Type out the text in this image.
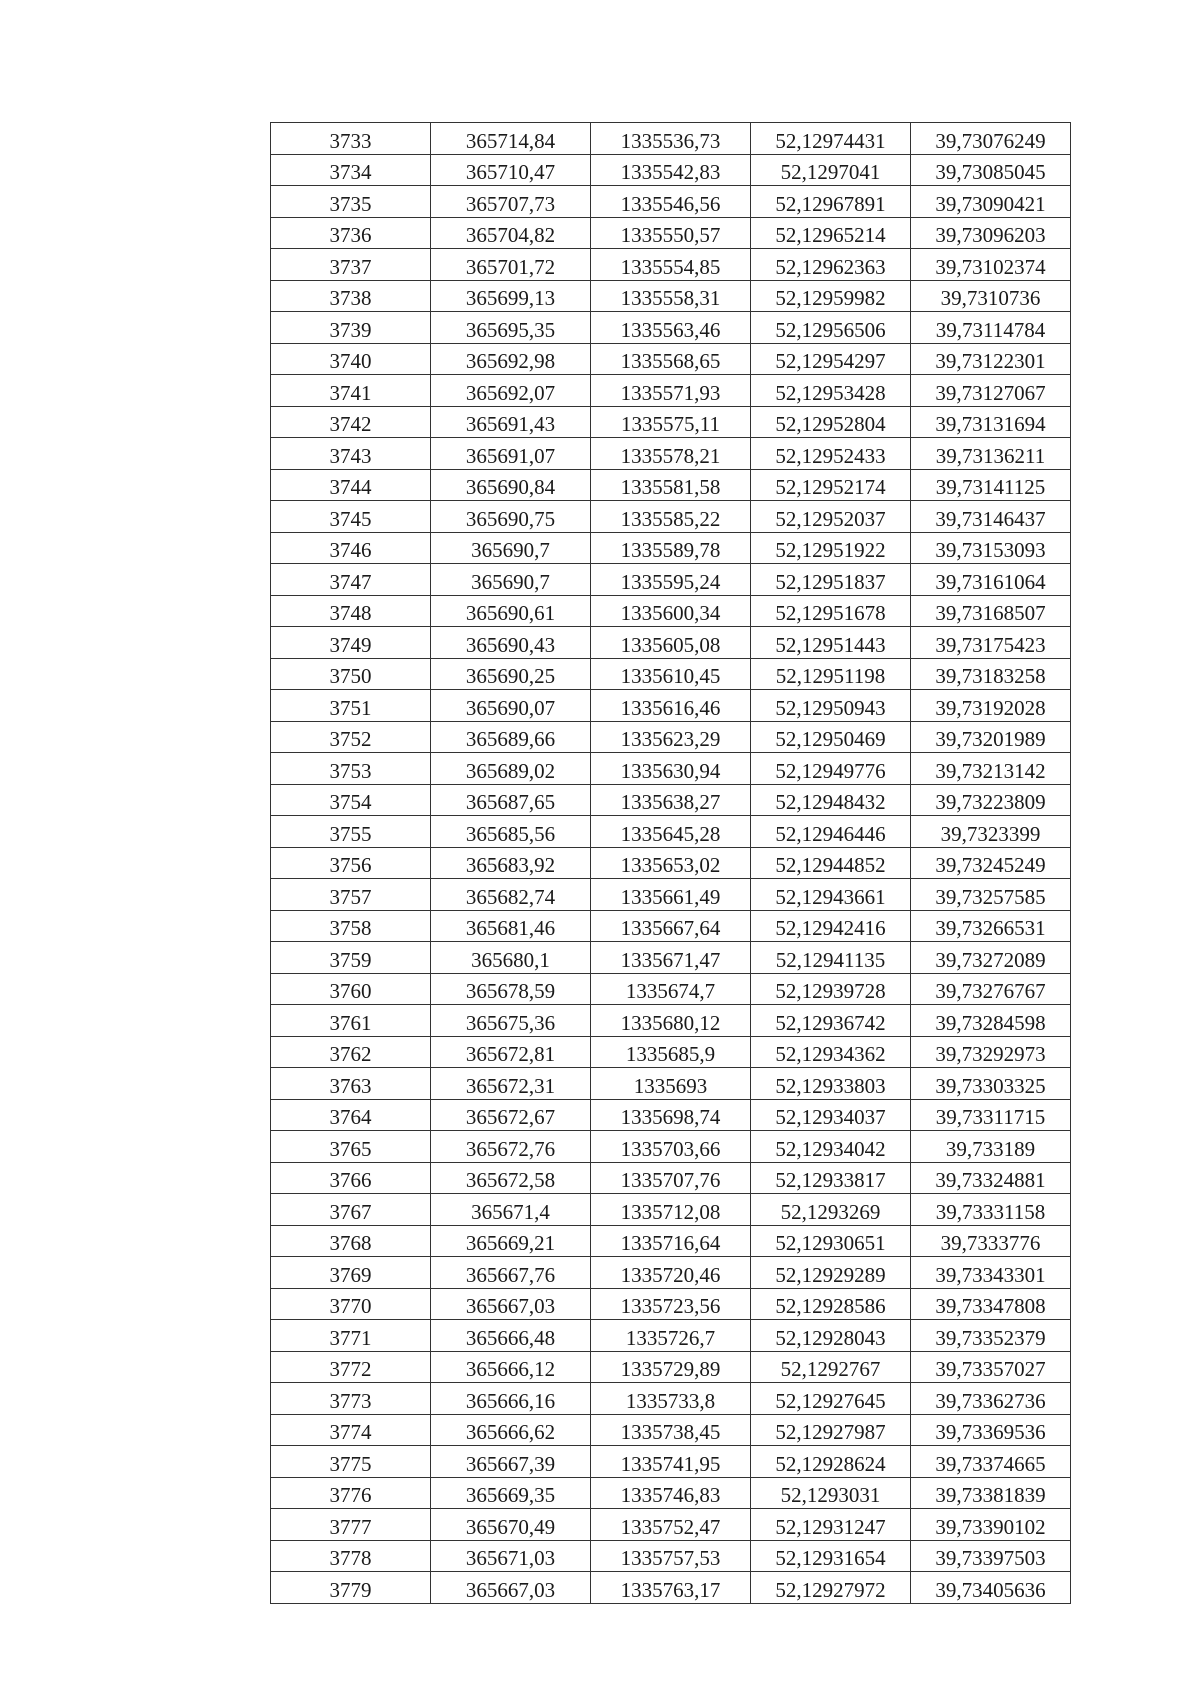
3733	365714,84	1335536,73	52,12974431	39,73076249
3734	365710,47	1335542,83	52,1297041	39,73085045
3735	365707,73	1335546,56	52,12967891	39,73090421
3736	365704,82	1335550,57	52,12965214	39,73096203
3737	365701,72	1335554,85	52,12962363	39,73102374
3738	365699,13	1335558,31	52,12959982	39,7310736
3739	365695,35	1335563,46	52,12956506	39,73114784
3740	365692,98	1335568,65	52,12954297	39,73122301
3741	365692,07	1335571,93	52,12953428	39,73127067
3742	365691,43	1335575,11	52,12952804	39,73131694
3743	365691,07	1335578,21	52,12952433	39,73136211
3744	365690,84	1335581,58	52,12952174	39,73141125
3745	365690,75	1335585,22	52,12952037	39,73146437
3746	365690,7	1335589,78	52,12951922	39,73153093
3747	365690,7	1335595,24	52,12951837	39,73161064
3748	365690,61	1335600,34	52,12951678	39,73168507
3749	365690,43	1335605,08	52,12951443	39,73175423
3750	365690,25	1335610,45	52,12951198	39,73183258
3751	365690,07	1335616,46	52,12950943	39,73192028
3752	365689,66	1335623,29	52,12950469	39,73201989
3753	365689,02	1335630,94	52,12949776	39,73213142
3754	365687,65	1335638,27	52,12948432	39,73223809
3755	365685,56	1335645,28	52,12946446	39,7323399
3756	365683,92	1335653,02	52,12944852	39,73245249
3757	365682,74	1335661,49	52,12943661	39,73257585
3758	365681,46	1335667,64	52,12942416	39,73266531
3759	365680,1	1335671,47	52,12941135	39,73272089
3760	365678,59	1335674,7	52,12939728	39,73276767
3761	365675,36	1335680,12	52,12936742	39,73284598
3762	365672,81	1335685,9	52,12934362	39,73292973
3763	365672,31	1335693	52,12933803	39,73303325
3764	365672,67	1335698,74	52,12934037	39,73311715
3765	365672,76	1335703,66	52,12934042	39,733189
3766	365672,58	1335707,76	52,12933817	39,73324881
3767	365671,4	1335712,08	52,1293269	39,73331158
3768	365669,21	1335716,64	52,12930651	39,7333776
3769	365667,76	1335720,46	52,12929289	39,73343301
3770	365667,03	1335723,56	52,12928586	39,73347808
3771	365666,48	1335726,7	52,12928043	39,73352379
3772	365666,12	1335729,89	52,1292767	39,73357027
3773	365666,16	1335733,8	52,12927645	39,73362736
3774	365666,62	1335738,45	52,12927987	39,73369536
3775	365667,39	1335741,95	52,12928624	39,73374665
3776	365669,35	1335746,83	52,1293031	39,73381839
3777	365670,49	1335752,47	52,12931247	39,73390102
3778	365671,03	1335757,53	52,12931654	39,73397503
3779	365667,03	1335763,17	52,12927972	39,73405636
